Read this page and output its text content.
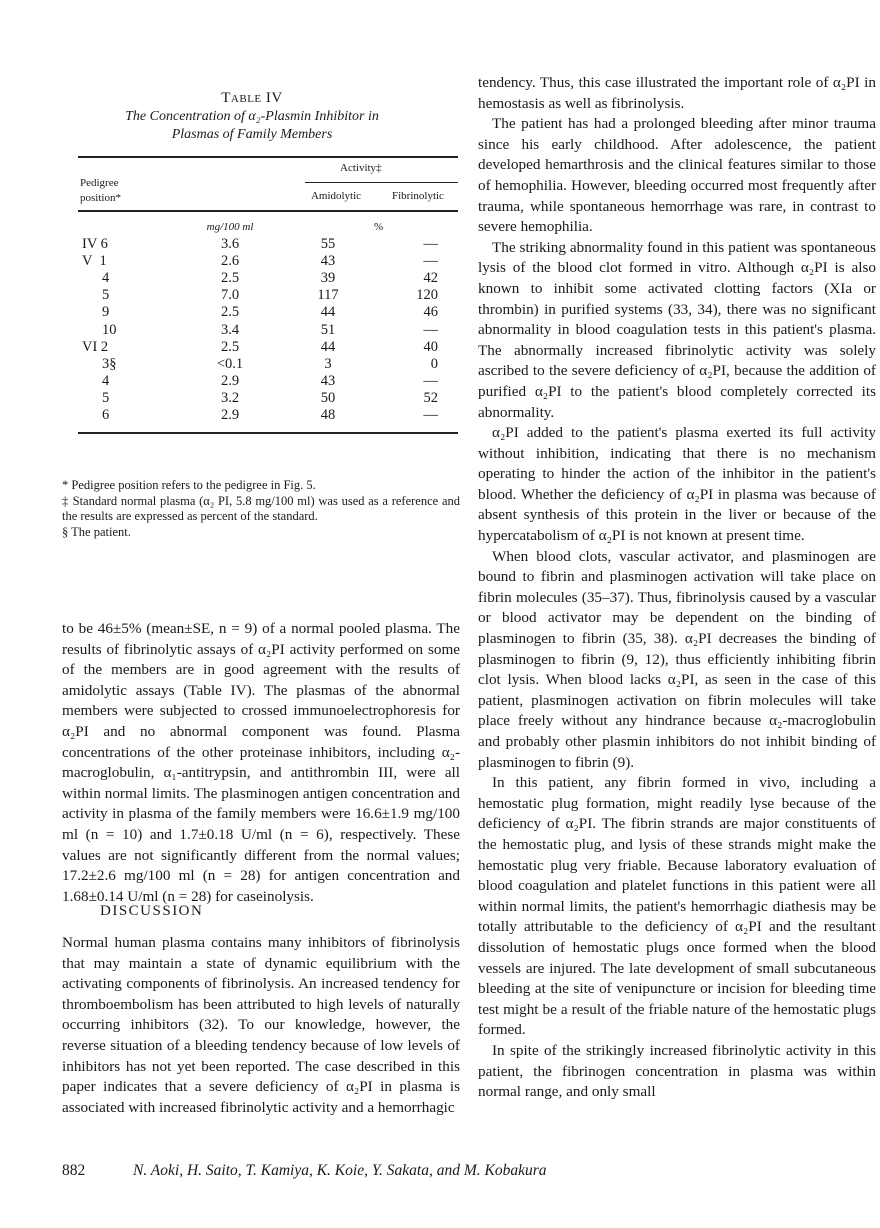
Table IV
The Concentration of α₂-Plasmin Inhibitor in
Plasmas of Family Members
Pedigree
position*
Activity‡
Amidolytic	Fibrinolytic
mg/100 ml	%
IV 6	3.6	55	—
V  1	2.6	43	—
4	2.5	39	42
5	7.0	117	120
9	2.5	44	46
10	3.4	51	—
VI 2	2.5	44	40
3§	<0.1	3	0
4	2.9	43	—
5	3.2	50	52
6	2.9	48	—
* Pedigree position refers to the pedigree in Fig. 5.
‡ Standard normal plasma (α₂ PI, 5.8 mg/100 ml) was used as a reference and the results are expressed as percent of the standard.
§ The patient.

to be 46±5% (mean±SE, n = 9) of a normal pooled plasma. The results of fibrinolytic assays of α₂PI activity performed on some of the members are in good agreement with the results of amidolytic assays (Table IV). The plasmas of the abnormal members were subjected to crossed immunoelectrophoresis for α₂PI and no abnormal component was found. Plasma concentrations of the other proteinase inhibitors, including α₂-macroglobulin, α₁-antitrypsin, and antithrombin III, were all within normal limits. The plasminogen antigen concentration and activity in plasma of the family members were 16.6±1.9 mg/100 ml (n = 10) and 1.7±0.18 U/ml (n = 6), respectively. These values are not significantly different from the normal values; 17.2±2.6 mg/100 ml (n = 28) for antigen concentration and 1.68±0.14 U/ml (n = 28) for caseinolysis.

DISCUSSION

Normal human plasma contains many inhibitors of fibrinolysis that may maintain a state of dynamic equilibrium with the activating components of fibrinolysis. An increased tendency for thromboembolism has been attributed to high levels of naturally occurring inhibitors (32). To our knowledge, however, the reverse situation of a bleeding tendency because of low levels of inhibitors has not yet been reported. The case described in this paper indicates that a severe deficiency of α₂PI in plasma is associated with increased fibrinolytic activity and a hemorrhagic

tendency. Thus, this case illustrated the important role of α₂PI in hemostasis as well as fibrinolysis.

The patient has had a prolonged bleeding after minor trauma since his early childhood. After adolescence, the patient developed hemarthrosis and the clinical features similar to those of hemophilia. However, bleeding occurred most frequently after trauma, while spontaneous hemorrhage was rare, in contrast to severe hemophilia.

The striking abnormality found in this patient was spontaneous lysis of the blood clot formed in vitro. Although α₂PI is also known to inhibit some activated clotting factors (XIa or thrombin) in purified systems (33, 34), there was no significant abnormality in blood coagulation tests in this patient's plasma. The abnormally increased fibrinolytic activity was solely ascribed to the severe deficiency of α₂PI, because the addition of purified α₂PI to the patient's blood completely corrected its abnormality.

α₂PI added to the patient's plasma exerted its full activity without inhibition, indicating that there is no mechanism operating to hinder the action of the inhibitor in the patient's blood. Whether the deficiency of α₂PI in plasma was because of absent synthesis of this protein in the liver or because of the hypercatabolism of α₂PI is not known at present time.

When blood clots, vascular activator, and plasminogen are bound to fibrin and plasminogen activation will take place on fibrin molecules (35–37). Thus, fibrinolysis caused by a vascular or blood activator may be dependent on the binding of plasminogen to fibrin (35, 38). α₂PI decreases the binding of plasminogen to fibrin (9, 12), thus efficiently inhibiting fibrin clot lysis. When blood lacks α₂PI, as seen in the case of this patient, plasminogen activation on fibrin molecules will take place freely without any hindrance because α₂-macroglobulin and probably other plasmin inhibitors do not inhibit binding of plasminogen to fibrin (9).

In this patient, any fibrin formed in vivo, including a hemostatic plug formation, might readily lyse because of the deficiency of α₂PI. The fibrin strands are major constituents of the hemostatic plug, and lysis of these strands might make the hemostatic plug very friable. Because laboratory evaluation of blood coagulation and platelet functions in this patient were all within normal limits, the patient's hemorrhagic diathesis may be totally attributable to the deficiency of α₂PI and the resultant dissolution of hemostatic plugs once formed when the blood vessels are injured. The late development of small subcutaneous bleeding at the site of venipuncture or incision for bleeding time test might be a result of the friable nature of the hemostatic plugs formed.

In spite of the strikingly increased fibrinolytic activity in this patient, the fibrinogen concentration in plasma was within normal range, and only small

882	N. Aoki, H. Saito, T. Kamiya, K. Koie, Y. Sakata, and M. Kobakura
